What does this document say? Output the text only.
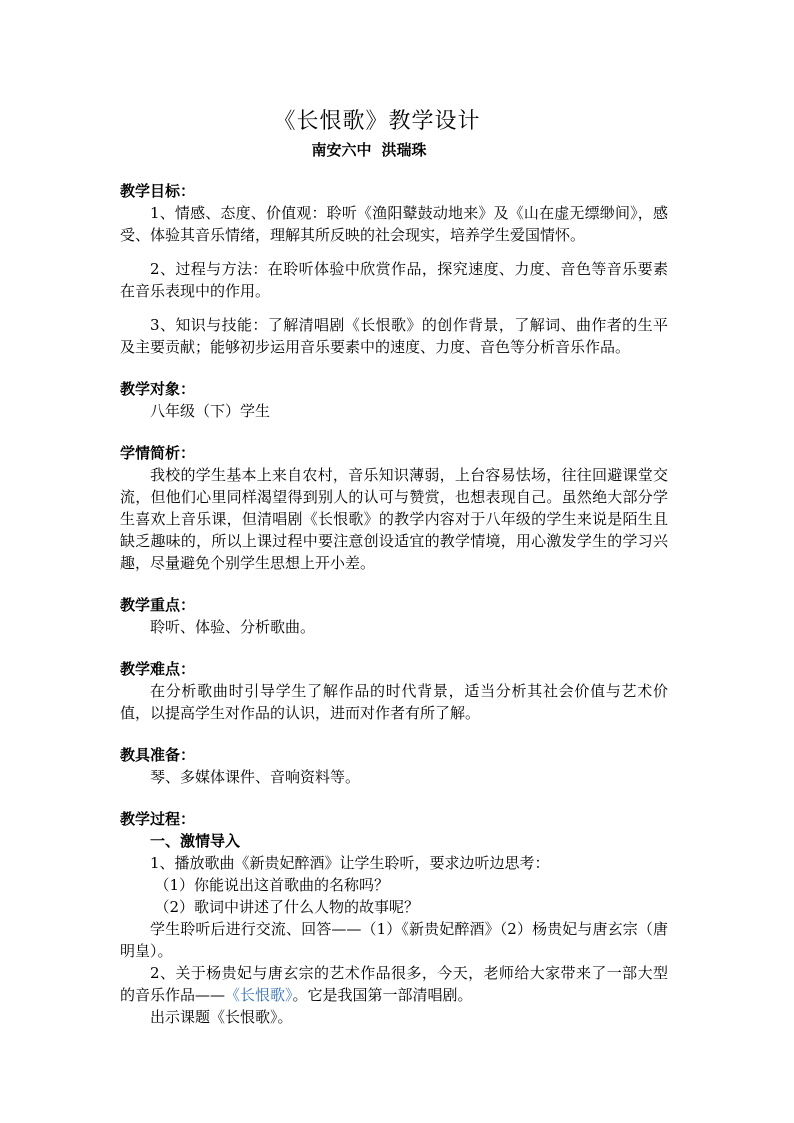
《长恨歌》教学设计
南安六中 洪瑞珠
教学目标：
1、情感、态度、价值观：聆听《渔阳鼙鼓动地来》及《山在虚无缥缈间》，感受、体验其音乐情绪，理解其所反映的社会现实，培养学生爱国情怀。
2、过程与方法：在聆听体验中欣赏作品，探究速度、力度、音色等音乐要素在音乐表现中的作用。
3、知识与技能：了解清唱剧《长恨歌》的创作背景，了解词、曲作者的生平及主要贡献；能够初步运用音乐要素中的速度、力度、音色等分析音乐作品。
教学对象：
八年级（下）学生
学情简析：
我校的学生基本上来自农村，音乐知识薄弱，上台容易怯场，往往回避课堂交流，但他们心里同样渴望得到别人的认可与赞赏，也想表现自己。虽然绝大部分学生喜欢上音乐课，但清唱剧《长恨歌》的教学内容对于八年级的学生来说是陌生且缺乏趣味的，所以上课过程中要注意创设适宜的教学情境，用心激发学生的学习兴趣，尽量避免个别学生思想上开小差。
教学重点：
聆听、体验、分析歌曲。
教学难点：
在分析歌曲时引导学生了解作品的时代背景，适当分析其社会价值与艺术价值，以提高学生对作品的认识，进而对作者有所了解。
教具准备：
琴、多媒体课件、音响资料等。
教学过程：
一、激情导入
1、播放歌曲《新贵妃醉酒》让学生聆听，要求边听边思考：
（1）你能说出这首歌曲的名称吗？
（2）歌词中讲述了什么人物的故事呢？
学生聆听后进行交流、回答——（1）《新贵妃醉酒》（2）杨贵妃与唐玄宗（唐明皇）。
2、关于杨贵妃与唐玄宗的艺术作品很多，今天，老师给大家带来了一部大型的音乐作品——《长恨歌》。它是我国第一部清唱剧。
出示课题《长恨歌》。
